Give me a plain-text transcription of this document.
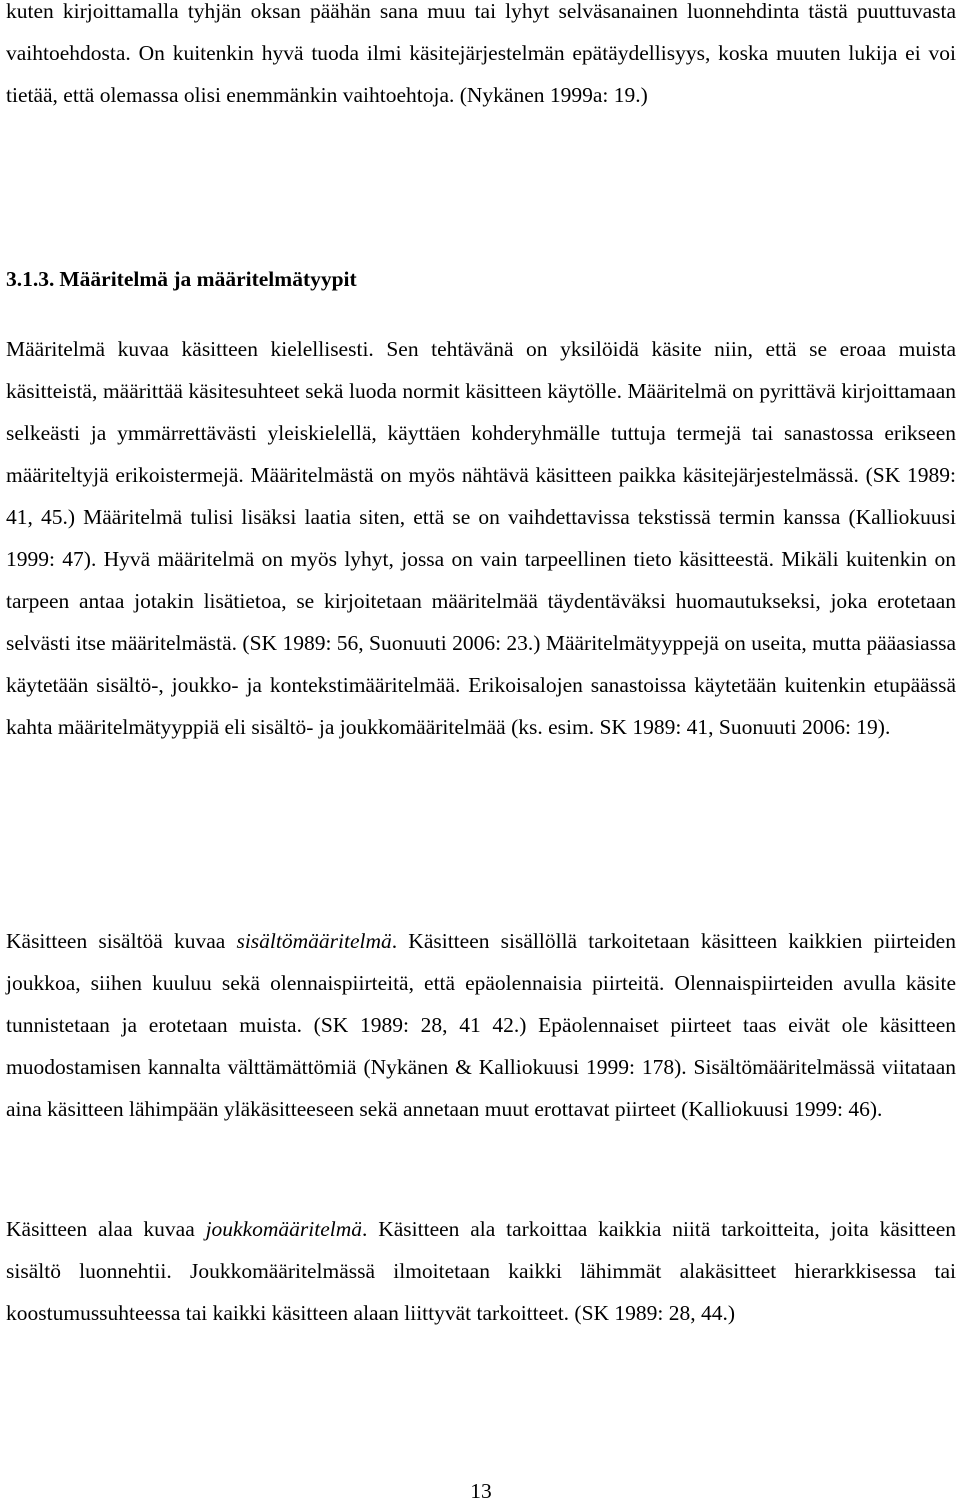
kuten kirjoittamalla tyhjän oksan päähän sana muu tai lyhyt selväsanainen luonnehdinta tästä puuttuvasta vaihtoehdosta. On kuitenkin hyvä tuoda ilmi käsitejärjestelmän epätäydellisyys, koska muuten lukija ei voi tietää, että olemassa olisi enemmänkin vaihtoehtoja. (Nykänen 1999a: 19.)

3.1.3. Määritelmä ja määritelmätyypit

Määritelmä kuvaa käsitteen kielellisesti. Sen tehtävänä on yksilöidä käsite niin, että se eroaa muista käsitteistä, määrittää käsitesuhteet sekä luoda normit käsitteen käytölle. Määritelmä on pyrittävä kirjoittamaan selkeästi ja ymmärrettävästi yleiskielellä, käyttäen kohderyhmälle tuttuja termejä tai sanastossa erikseen määriteltyjä erikoistermejä. Määritelmästä on myös nähtävä käsitteen paikka käsitejärjestelmässä. (SK 1989: 41, 45.) Määritelmä tulisi lisäksi laatia siten, että se on vaihdettavissa tekstissä termin kanssa (Kalliokuusi 1999: 47). Hyvä määritelmä on myös lyhyt, jossa on vain tarpeellinen tieto käsitteestä. Mikäli kuitenkin on tarpeen antaa jotakin lisätietoa, se kirjoitetaan määritelmää täydentäväksi huomautukseksi, joka erotetaan selvästi itse määritelmästä. (SK 1989: 56, Suonuuti 2006: 23.) Määritelmätyyppejä on useita, mutta pääasiassa käytetään sisältö-, joukko- ja kontekstimääritelmää. Erikoisalojen sanastoissa käytetään kuitenkin etupäässä kahta määritelmätyyppiä eli sisältö- ja joukkomääritelmää (ks. esim. SK 1989: 41, Suonuuti 2006: 19).

Käsitteen sisältöä kuvaa sisältömääritelmä. Käsitteen sisällöllä tarkoitetaan käsitteen kaikkien piirteiden joukkoa, siihen kuuluu sekä olennaispiirteitä, että epäolennaisia piirteitä. Olennaispiirteiden avulla käsite tunnistetaan ja erotetaan muista. (SK 1989: 28, 41 42.) Epäolennaiset piirteet taas eivät ole käsitteen muodostamisen kannalta välttämättömiä (Nykänen & Kalliokuusi 1999: 178). Sisältömääritelmässä viitataan aina käsitteen lähimpään yläkäsitteeseen sekä annetaan muut erottavat piirteet (Kalliokuusi 1999: 46).

Käsitteen alaa kuvaa joukkomääritelmä. Käsitteen ala tarkoittaa kaikkia niitä tarkoitteita, joita käsitteen sisältö luonnehtii. Joukkomääritelmässä ilmoitetaan kaikki lähimmät alakäsitteet hierarkkisessa tai koostumussuhteessa tai kaikki käsitteen alaan liittyvät tarkoitteet. (SK 1989: 28, 44.)

13
